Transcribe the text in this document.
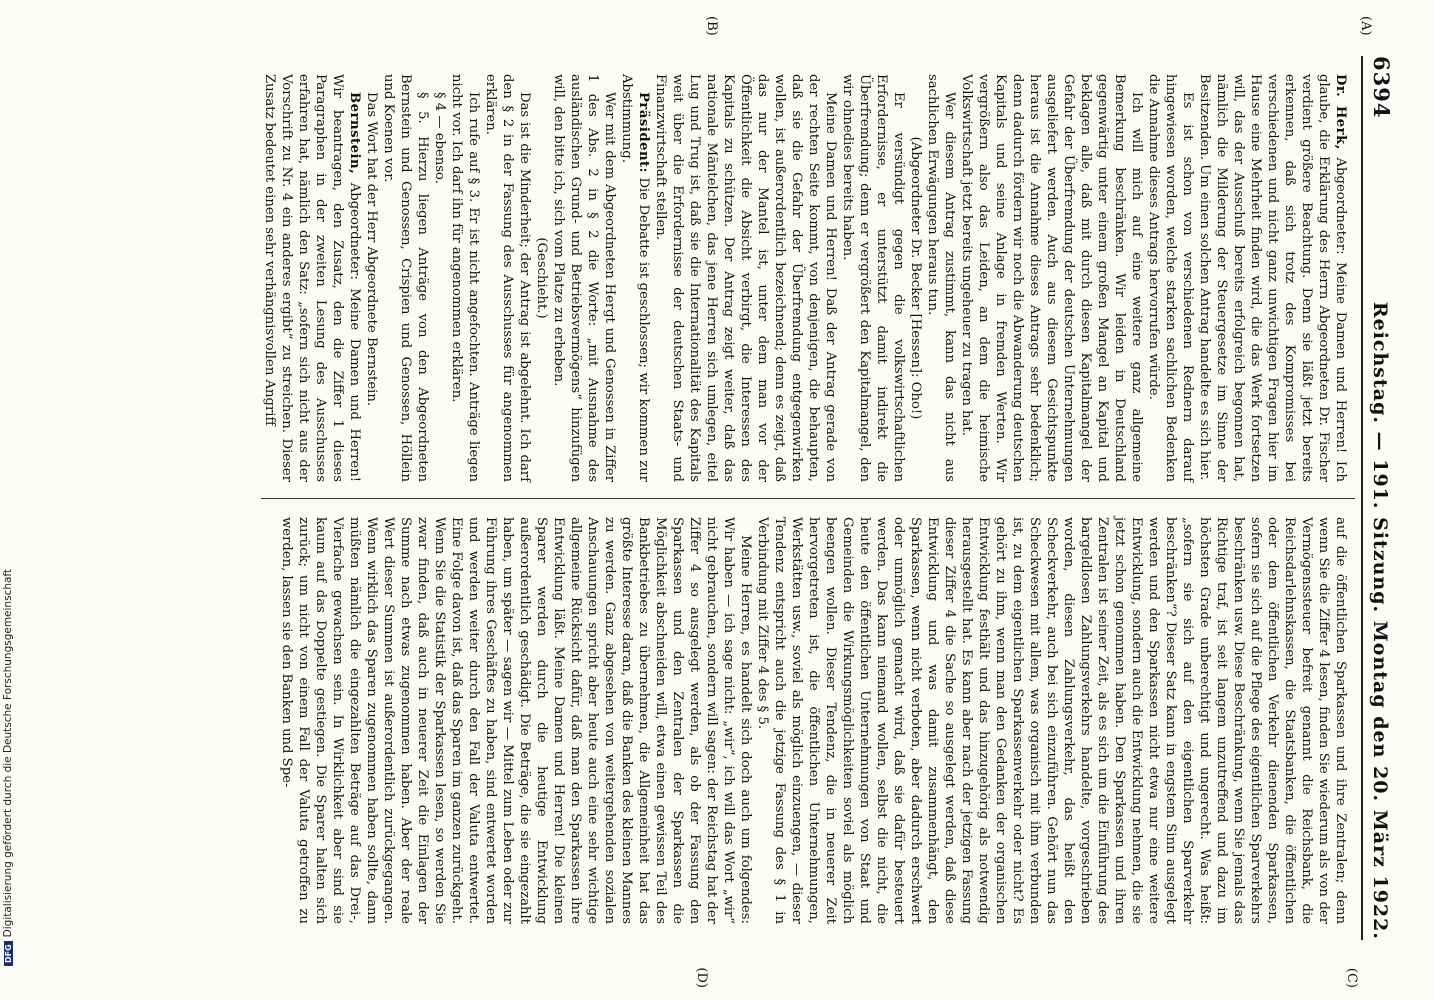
6394
Reichstag. — 191. Sitzung. Montag den 20. März 1922.
(A)
(B)
(C)
(D)

Dr. Herk, Abgeordneter: Meine Damen und Herren! Ich glaube, die Erklärung des Herrn Abgeordneten Dr. Fischer verdient größere Beachtung. Denn sie läßt jetzt bereits erkennen, daß sich trotz des Kompromisses bei verschiedenen und nicht ganz unwichtigen Fragen hier im Hause eine Mehrheit finden wird, die das Werk fortsetzen will, das der Ausschuß bereits erfolgreich begonnen hat, nämlich die Milderung der Steuergesetze im Sinne der Besitzenden. Um einen solchen Antrag handelte es sich hier.

Es ist schon von verschiedenen Rednern darauf hingewiesen worden, welche starken sachlichen Bedenken die Annahme dieses Antrags hervorrufen würde.

Ich will mich auf eine weitere ganz allgemeine Bemerkung beschränken. Wir leiden in Deutschland gegenwärtig unter einem großen Mangel an Kapital und beklagen alle, daß mit durch diesen Kapitalmangel der Gefahr der Überfremdung der deutschen Unternehmungen ausgeliefert werden. Auch aus diesem Gesichtspunkte heraus ist die Annahme dieses Antrags sehr bedenklich; denn dadurch fördern wir noch die Abwanderung deutschen Kapitals und seine Anlage in fremden Werten. Wir vergrößern also das Leiden, an dem die heimische Volkswirtschaft jetzt bereits ungeheuer zu tragen hat.

Wer diesem Antrag zustimmt, kann das nicht aus sachlichen Erwägungen heraus tun.

(Abgeordneter Dr. Becker [Hessen]: Oho!)

Er versündigt gegen die volkswirtschaftlichen Erfordernisse, er unterstützt damit indirekt die Überfremdung; denn er vergrößert den Kapitalmangel, den wir ohnedies bereits haben.

Meine Damen und Herren! Daß der Antrag gerade von der rechten Seite kommt, von denjenigen, die behaupten, daß sie die Gefahr der Überfremdung entgegenwirken wollen, ist außerordentlich bezeichnend; denn es zeigt, daß das nur der Mantel ist, unter dem man vor der Öffentlichkeit die Absicht verbirgt, die Interessen des Kapitals zu schützen. Der Antrag zeigt weiter, daß das nationale Mäntelchen, das jene Herren sich umlegen, eitel Lug und Trug ist, daß sie die Internationalität des Kapitals weit über die Erfordernisse der deutschen Staats- und Finanzwirtschaft stellen.

Präsident: Die Debatte ist geschlossen; wir kommen zur Abstimmung.

Wer mit dem Abgeordneten Hergt und Genossen in Ziffer 1 des Abs. 2 in § 2 die Worte: „mit Ausnahme des ausländischen Grund- und Betriebsvermögens“ hinzufügen will, den bitte ich, sich vom Platze zu erheben.

(Geschieht.)

Das ist die Minderheit; der Antrag ist abgelehnt. Ich darf den § 2 in der Fassung des Ausschusses für angenommen erklären.

Ich rufe auf § 3. Er ist nicht angefochten. Anträge liegen nicht vor. Ich darf ihn für angenommen erklären.

§ 4 — ebenso.

§ 5. Hierzu liegen Anträge von den Abgeordneten Bernstein und Genossen, Crispien und Genossen, Höllein und Koenen vor.

Das Wort hat der Herr Abgeordnete Bernstein.

Bernstein, Abgeordneter: Meine Damen und Herren! Wir beantragen, den Zusatz, den die Ziffer 1 dieses Paragraphen in der zweiten Lesung des Ausschusses erfahren hat, nämlich den Satz: „sofern sich nicht aus der Vorschrift zu Nr. 4 ein anderes ergibt“ zu streichen. Dieser Zusatz bedeutet einen sehr verhängnisvollen Angriff

auf die öffentlichen Sparkassen und ihre Zentralen; denn wenn Sie die Ziffer 4 lesen, finden Sie wiederum als von der Vermögenssteuer befreit genannt die Reichsbank, die Reichsdarlehnskassen, die Staatsbanken, die öffentlichen oder dem öffentlichen Verkehr dienenden Sparkassen, sofern sie sich auf die Pflege des eigentlichen Sparverkehrs beschränken usw. Diese Beschränkung, wenn Sie jemals das Richtige traf, ist seit langem unzutreffend und dazu im höchsten Grade unberechtigt und ungerecht. Was heißt: „sofern sie sich auf den eigentlichen Sparverkehr beschränken“? Dieser Satz kann in engstem Sinn ausgelegt werden und den Sparkassen nicht etwa nur eine weitere Entwicklung, sondern auch die Entwicklung nehmen, die sie jetzt schon genommen haben. Den Sparkassen und ihren Zentralen ist seiner Zeit, als es sich um die Einführung des bargeldlosen Zahlungsverkehrs handelte, vorgeschrieben worden, diesen Zahlungsverkehr, das heißt den Scheckverkehr, auch bei sich einzuführen. Gehört nun das Scheckwesen mit allem, was organisch mit ihm verbunden ist, zu dem eigentlichen Sparkassenverkehr oder nicht? Es gehört zu ihm, wenn man den Gedanken der organischen Entwicklung festhält und das hinzugehörig als notwendig herausgestellt hat. Es kann aber nach der jetzigen Fassung dieser Ziffer 4 die Sache so ausgelegt werden, daß diese Entwicklung und was damit zusammenhängt, den Sparkassen, wenn nicht verboten, aber dadurch erschwert oder unmöglich gemacht wird, daß sie dafür besteuert werden. Das kann niemand wollen, selbst die nicht, die heute den öffentlichen Unternehmungen von Staat und Gemeinden die Wirkungsmöglichkeiten soviel als möglich beengen wollen. Dieser Tendenz, die in neuerer Zeit hervorgetreten ist, die öffentlichen Unternehmungen, Werkstätten usw., soviel als möglich einzuengen, — dieser Tendenz entspricht auch die jetzige Fassung des § 1 in Verbindung mit Ziffer 4 des § 5.

Meine Herren, es handelt sich doch auch um folgendes: Wir haben — ich sage nicht: „wir“, ich will das Wort „wir“ nicht gebrauchen, sondern will sagen: der Reichstag hat der Ziffer 4 so ausgelegt werden, als ob der Fassung den Sparkassen und den Zentralen der Sparkassen die Möglichkeit abschneiden will, etwa einen gewissen Teil des Bankbetriebes zu übernehmen, die Allgemeinheit hat das größte Interesse daran, daß die Banken des kleinen Mannes zu werden. Ganz abgesehen von weitergehenden sozialen Anschauungen spricht aber heute auch eine sehr wichtige allgemeine Rücksicht dafür, daß man den Sparkassen ihre Entwicklung läßt. Meine Damen und Herren! Die kleinen Sparer werden durch die heutige Entwicklung außerordentlich geschädigt. Die Beträge, die sie eingezahlt haben, um später — sagen wir — Mittel zum Leben oder zur Führung ihres Geschäftes zu haben, sind entwertet worden und werden weiter durch den Fall der Valuta entwertet. Eine Folge davon ist, daß das Sparen im ganzen zurückgeht. Wenn Sie die Statistik der Sparkassen lesen, so werden Sie zwar finden, daß auch in neuerer Zeit die Einlagen der Summe nach etwas zugenommen haben. Aber der reale Wert dieser Summen ist außerordentlich zurückgegangen. Wenn wirklich das Sparen zugenommen haben sollte, dann müßten nämlich die eingezahlten Beträge auf das Drei-, Vierfache gewachsen sein. In Wirklichkeit aber sind sie kaum auf das Doppelte gestiegen. Die Sparer halten sich zurück; um nicht von einem Fall der Valuta getroffen zu werden, lassen sie den Banken und Spe-

DFGDigitalisierung gefördert durch die Deutsche Forschungsgemeinschaft
